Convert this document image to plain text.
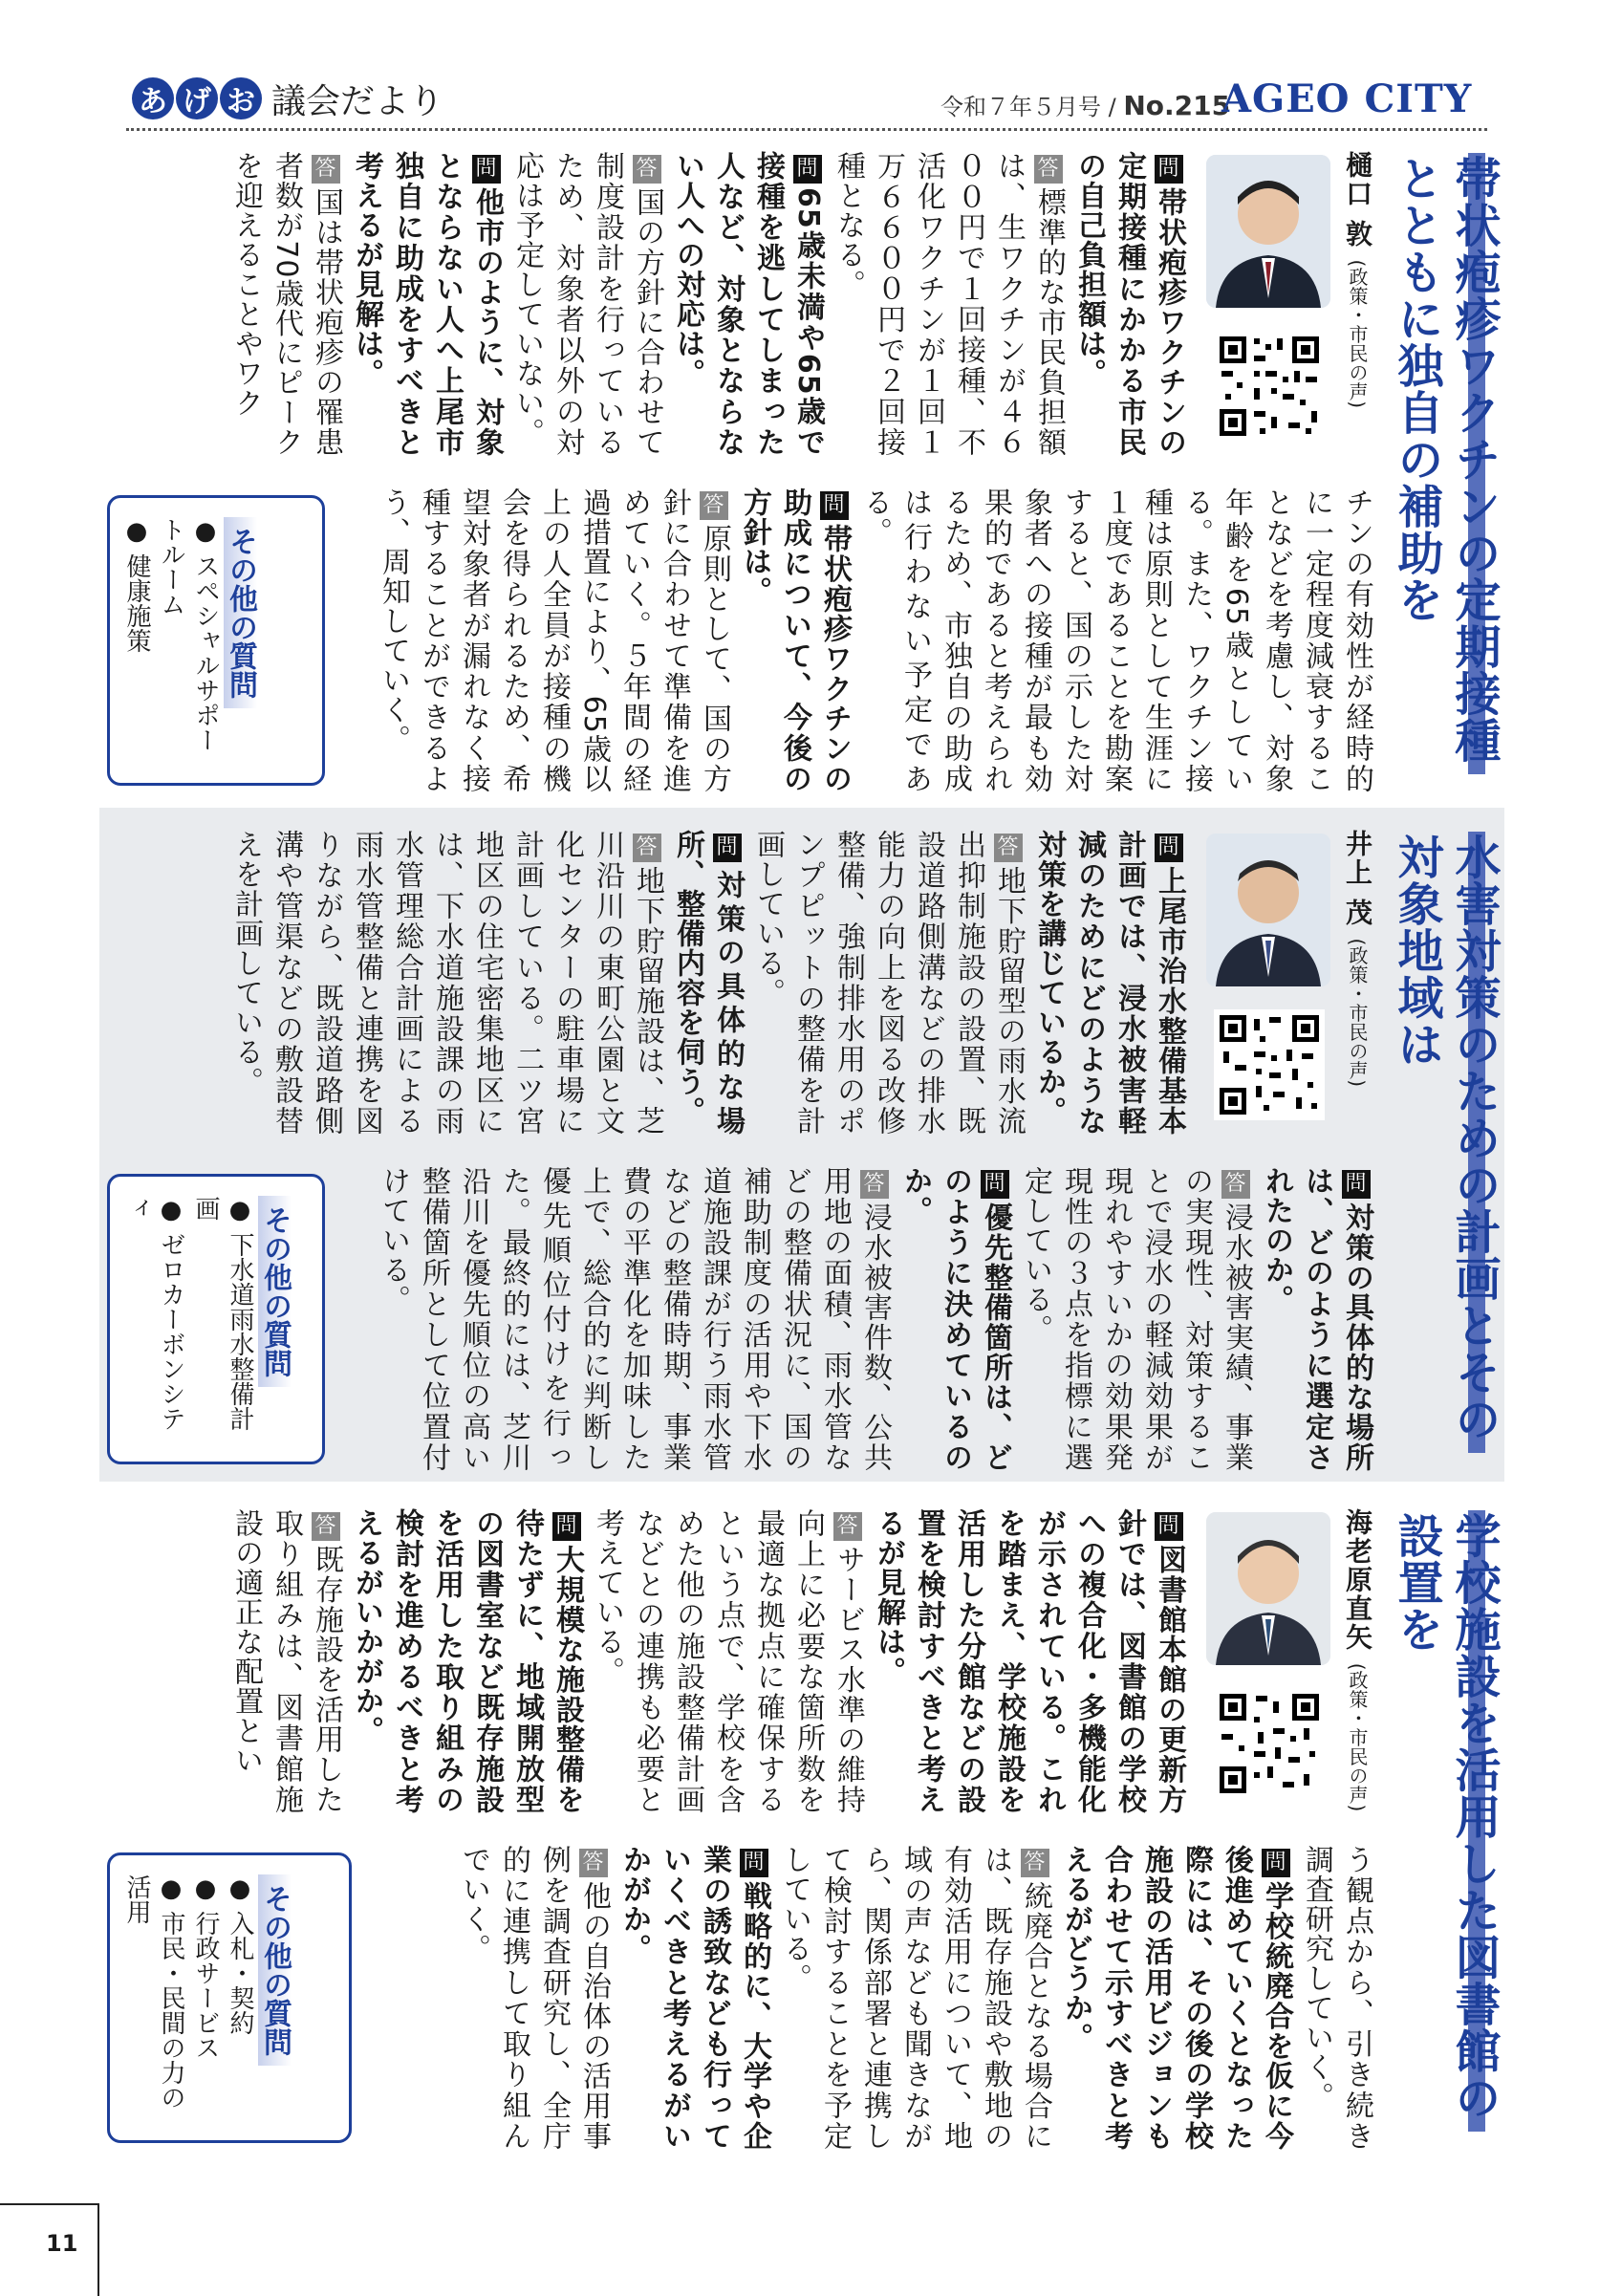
あ げ お 議会だより	令和７年５月号 / No.215
AGEO CITY
帯状疱疹ワクチンの定期接種とともに独自の補助を
樋口 敦 (政策・市民の声)
問帯状疱疹ワクチンの定期接種にかかる市民の自己負担額は。
答標準的な市民負担額は、生ワクチンが４６００円で１回接種、不活化ワクチンが１回１万６６００円で２回接種となる。
問65歳未満や65歳で接種を逃してしまった人など、対象とならない人への対応は。
答国の方針に合わせて制度設計を行っているため、対象者以外の対応は予定していない。
問他市のように、対象とならない人へ上尾市独自に助成をすべきと考えるが見解は。
答国は帯状疱疹の罹患者数が70歳代にピークを迎えることやワク
チンの有効性が経時的に一定程度減衰することなどを考慮し、対象年齢を65歳としている。また、ワクチン接種は原則として生涯に１度であることを勘案すると、国の示した対象者への接種が最も効果的であると考えられるため、市独自の助成は行わない予定である。
問帯状疱疹ワクチンの助成について、今後の方針は。
答原則として、国の方針に合わせて準備を進めていく。５年間の経過措置により、65歳以上の人全員が接種の機会を得られるため、希望対象者が漏れなく接種することができるよう、周知していく。
その他の質問
● スペシャルサポートルーム
● 健康施策
水害対策のための計画とその対象地域は
井上 茂 (政策・市民の声)
問上尾市治水整備基本計画では、浸水被害軽減のためにどのような対策を講じているか。
答地下貯留型の雨水流出抑制施設の設置、既設道路側溝などの排水能力の向上を図る改修整備、強制排水用のポンプピットの整備を計画している。
問対策の具体的な場所、整備内容を伺う。
答地下貯留施設は、芝川沿川の東町公園と文化センターの駐車場に計画している。二ツ宮地区の住宅密集地区には、下水道施設課の雨水管理総合計画による雨水管整備と連携を図りながら、既設道路側溝や管渠などの敷設替えを計画している。
問対策の具体的な場所は、どのように選定されたのか。
答浸水被害実績、事業の実現性、対策することで浸水の軽減効果が現れやすいかの効果発現性の３点を指標に選定している。
問優先整備箇所は、どのように決めているのか。
答浸水被害件数、公共用地の面積、雨水管などの整備状況に、国の補助制度の活用や下水道施設課が行う雨水管などの整備時期、事業費の平準化を加味した上で、総合的に判断し優先順位付けを行った。最終的には、芝川沿川を優先順位の高い整備箇所として位置付けている。
その他の質問
● 下水道雨水整備計画
● ゼロカーボンシティ
学校施設を活用した図書館の設置を
海老原直矢 (政策・市民の声)
問図書館本館の更新方針では、図書館の学校への複合化・多機能化が示されている。これを踏まえ、学校施設を活用した分館などの設置を検討すべきと考えるが見解は。
答サービス水準の維持向上に必要な箇所数を最適な拠点に確保するという点で、学校を含めた他の施設整備計画などとの連携も必要と考えている。
問大規模な施設整備を待たずに、地域開放型の図書室など既存施設を活用した取り組みの検討を進めるべきと考えるがいかがか。
答既存施設を活用した取り組みは、図書館施設の適正な配置とい
う観点から、引き続き調査研究していく。
問学校統廃合を仮に今後進めていくとなった際には、その後の学校施設の活用ビジョンも合わせて示すべきと考えるがどうか。
答統廃合となる場合には、既存施設や敷地の有効活用について、地域の声なども聞きながら、関係部署と連携して検討することを予定している。
問戦略的に、大学や企業の誘致なども行っていくべきと考えるがいかがか。
答他の自治体の活用事例を調査研究し、全庁的に連携して取り組んでいく。
その他の質問
● 入札・契約
● 行政サービス
● 市民・民間の力の活用
11
